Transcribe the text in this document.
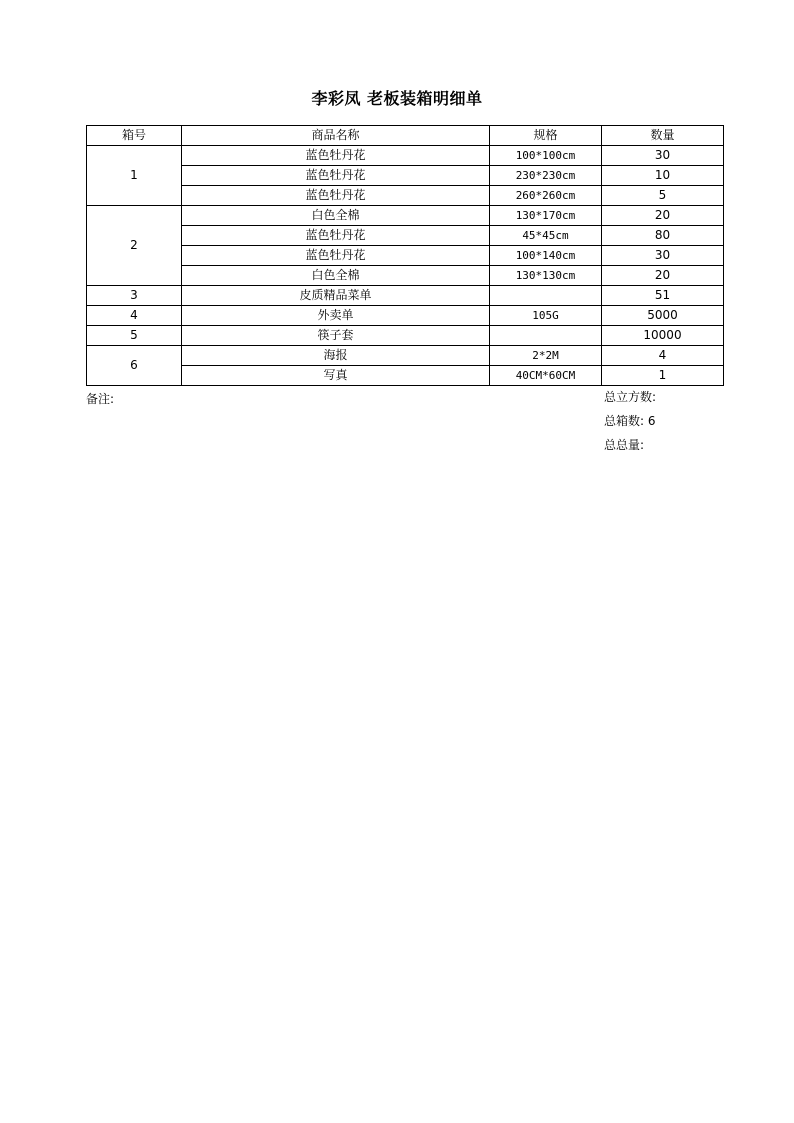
李彩凤 老板装箱明细单
箱号	商品名称	规格	数量
1	蓝色牡丹花	100*100cm	30
	蓝色牡丹花	230*230cm	10
	蓝色牡丹花	260*260cm	5
2	白色全棉	130*170cm	20
	蓝色牡丹花	45*45cm	80
	蓝色牡丹花	100*140cm	30
	白色全棉	130*130cm	20
3	皮质精品菜单		51
4	外卖单	105G	5000
5	筷子套		10000
6	海报	2*2M	4
	写真	40CM*60CM	1
备注:	总立方数:
总箱数: 6
总总量:
